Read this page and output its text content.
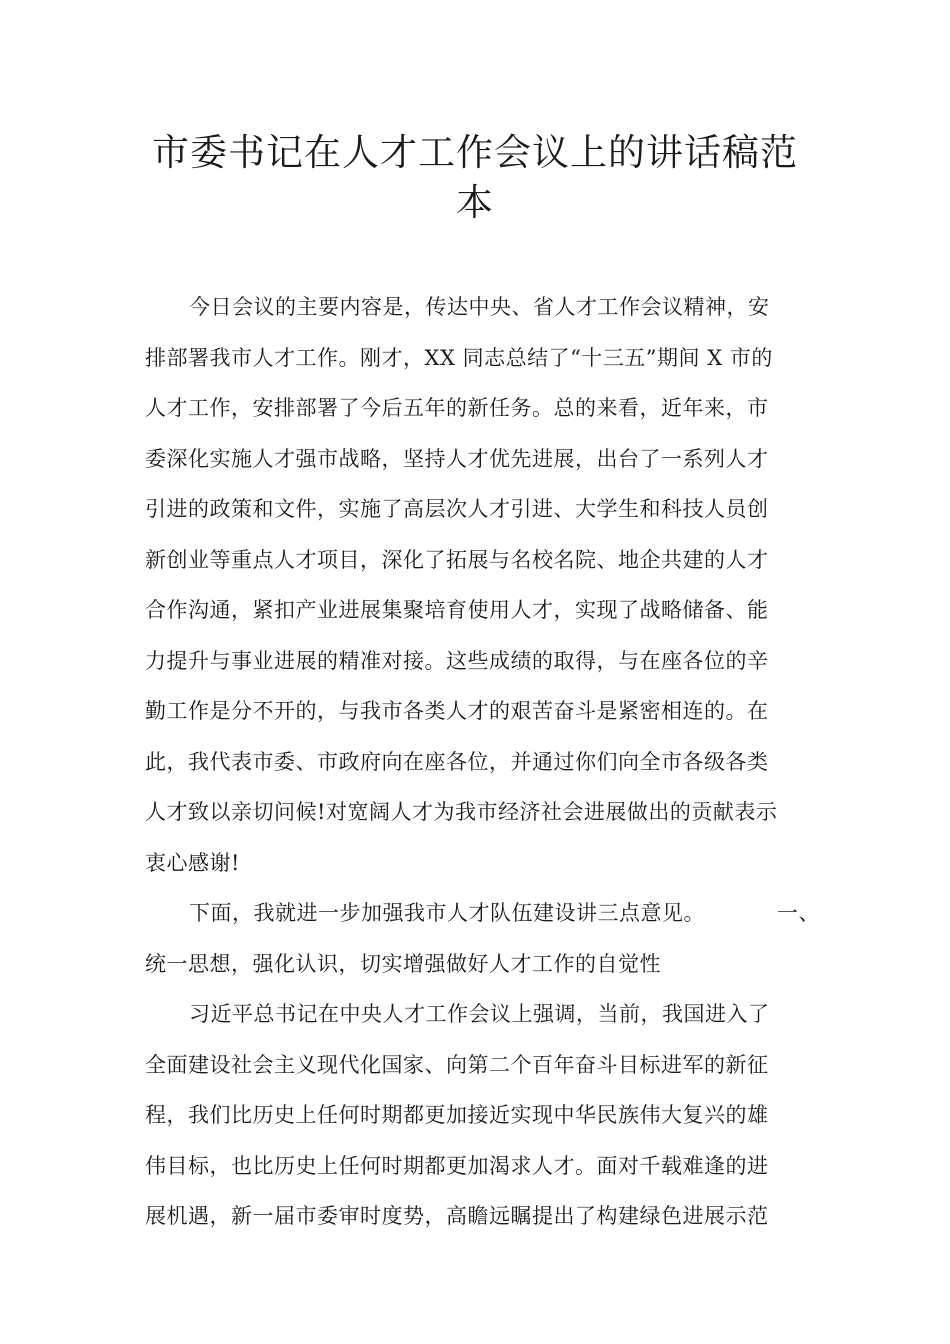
市委书记在人才工作会议上的讲话稿范
本
今日会议的主要内容是，传达中央、省人才工作会议精神，安
排部署我市人才工作。刚才，XX 同志总结了“十三五”期间 X 市的
人才工作，安排部署了今后五年的新任务。总的来看，近年来，市
委深化实施人才强市战略，坚持人才优先进展，出台了一系列人才
引进的政策和文件，实施了高层次人才引进、大学生和科技人员创
新创业等重点人才项目，深化了拓展与名校名院、地企共建的人才
合作沟通，紧扣产业进展集聚培育使用人才，实现了战略储备、能
力提升与事业进展的精准对接。这些成绩的取得，与在座各位的辛
勤工作是分不开的，与我市各类人才的艰苦奋斗是紧密相连的。在
此，我代表市委、市政府向在座各位，并通过你们向全市各级各类
人才致以亲切问候!对宽阔人才为我市经济社会进展做出的贡献表示
衷心感谢!
下面，我就进一步加强我市人才队伍建设讲三点意见。	一、
统一思想，强化认识，切实增强做好人才工作的自觉性
习近平总书记在中央人才工作会议上强调，当前，我国进入了
全面建设社会主义现代化国家、向第二个百年奋斗目标进军的新征
程，我们比历史上任何时期都更加接近实现中华民族伟大复兴的雄
伟目标，也比历史上任何时期都更加渴求人才。面对千载难逢的进
展机遇，新一届市委审时度势，高瞻远瞩提出了构建绿色进展示范
